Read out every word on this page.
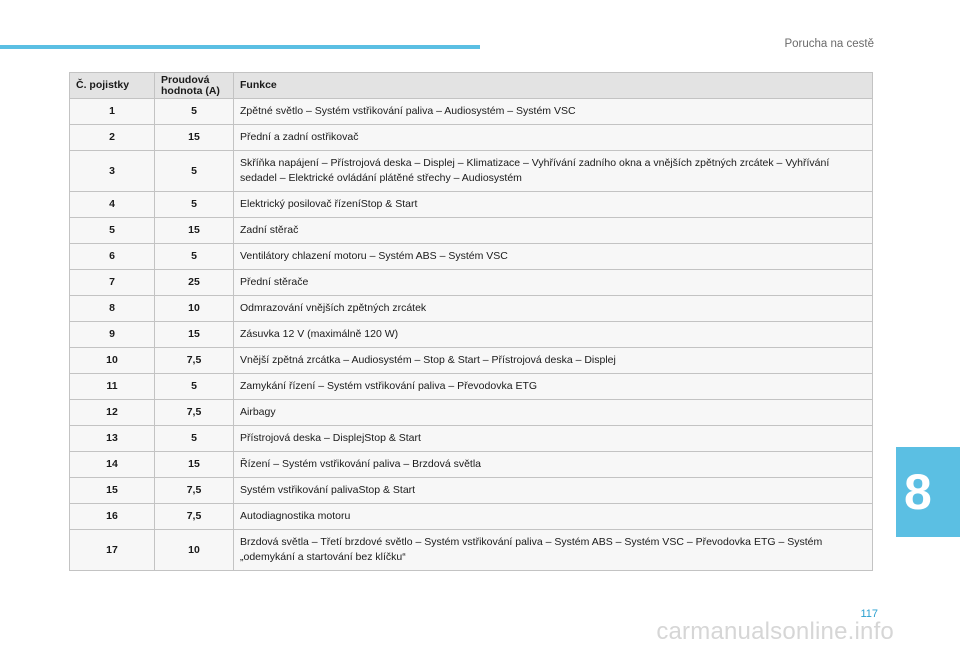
Porucha na cestě
Č. pojistky	Proudová hodnota (A)	Funkce
1	5	Zpětné světlo – Systém vstřikování paliva – Audiosystém – Systém VSC
2	15	Přední a zadní ostřikovač
3	5	Skříňka napájení – Přístrojová deska – Displej – Klimatizace – Vyhřívání zadního okna a vnějších zpětných zrcátek – Vyhřívání sedadel – Elektrické ovládání plátěné střechy – Audiosystém
4	5	Elektrický posilovač řízeníStop & Start
5	15	Zadní stěrač
6	5	Ventilátory chlazení motoru – Systém ABS – Systém VSC
7	25	Přední stěrače
8	10	Odmrazování vnějších zpětných zrcátek
9	15	Zásuvka 12 V (maximálně 120 W)
10	7,5	Vnější zpětná zrcátka – Audiosystém – Stop & Start – Přístrojová deska – Displej
11	5	Zamykání řízení – Systém vstřikování paliva – Převodovka ETG
12	7,5	Airbagy
13	5	Přístrojová deska – DisplejStop & Start
14	15	Řízení – Systém vstřikování paliva – Brzdová světla
15	7,5	Systém vstřikování palivaStop & Start
16	7,5	Autodiagnostika motoru
17	10	Brzdová světla – Třetí brzdové světlo – Systém vstřikování paliva – Systém ABS – Systém VSC – Převodovka ETG – Systém „odemykání a startování bez klíčku“
8
117
carmanualsonline.info
